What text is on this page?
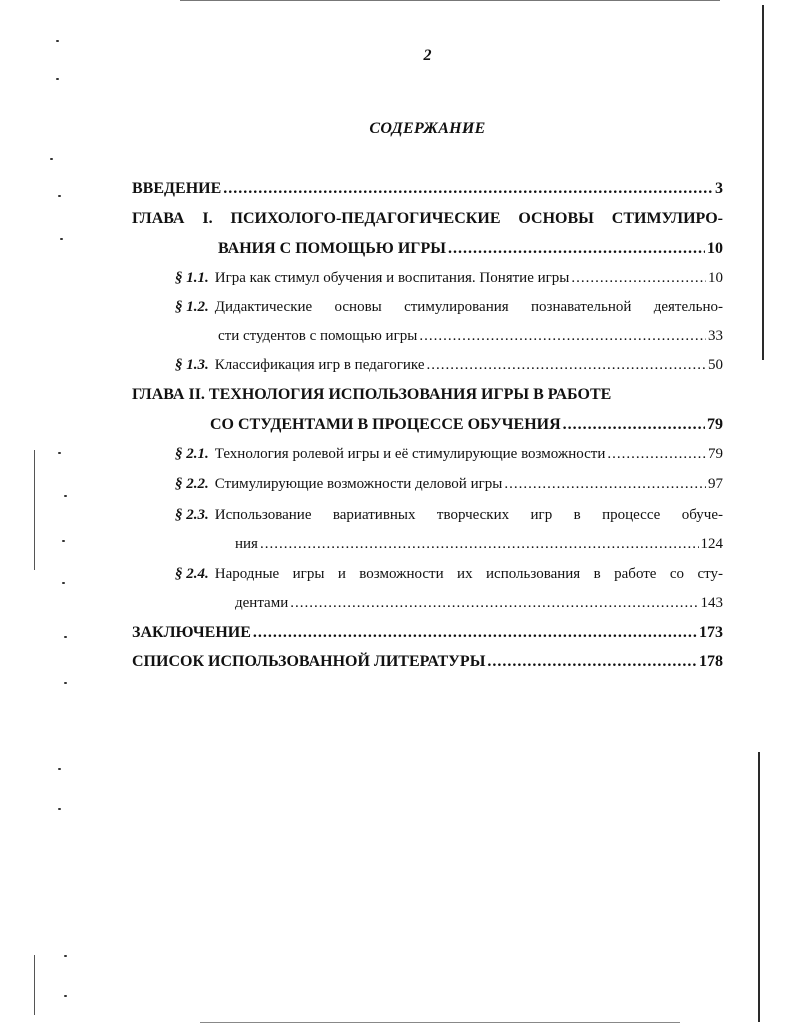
2
СОДЕРЖАНИЕ
ВВЕДЕНИЕ .....	3
ГЛАВА I. ПСИХОЛОГО-ПЕДАГОГИЧЕСКИЕ ОСНОВЫ СТИМУЛИРО-
ВАНИЯ С ПОМОЩЬЮ ИГРЫ .....	10
§ 1.1. Игра как стимул обучения и воспитания. Понятие игры .....	10
§ 1.2. Дидактические основы стимулирования познавательной деятельно-
сти студентов с помощью игры .....	33
§ 1.3. Классификация игр в педагогике .....	50
ГЛАВА II. ТЕХНОЛОГИЯ ИСПОЛЬЗОВАНИЯ ИГРЫ В РАБОТЕ
СО СТУДЕНТАМИ В ПРОЦЕССЕ ОБУЧЕНИЯ .....	79
§ 2.1. Технология ролевой игры и её стимулирующие возможности .....	79
§ 2.2. Стимулирующие возможности деловой игры .....	97
§ 2.3. Использование вариативных творческих игр в процессе обуче-
ния .....	124
§ 2.4. Народные игры и возможности их использования в работе со сту-
дентами .....	143
ЗАКЛЮЧЕНИЕ .....	173
СПИСОК ИСПОЛЬЗОВАННОЙ ЛИТЕРАТУРЫ .....	178
